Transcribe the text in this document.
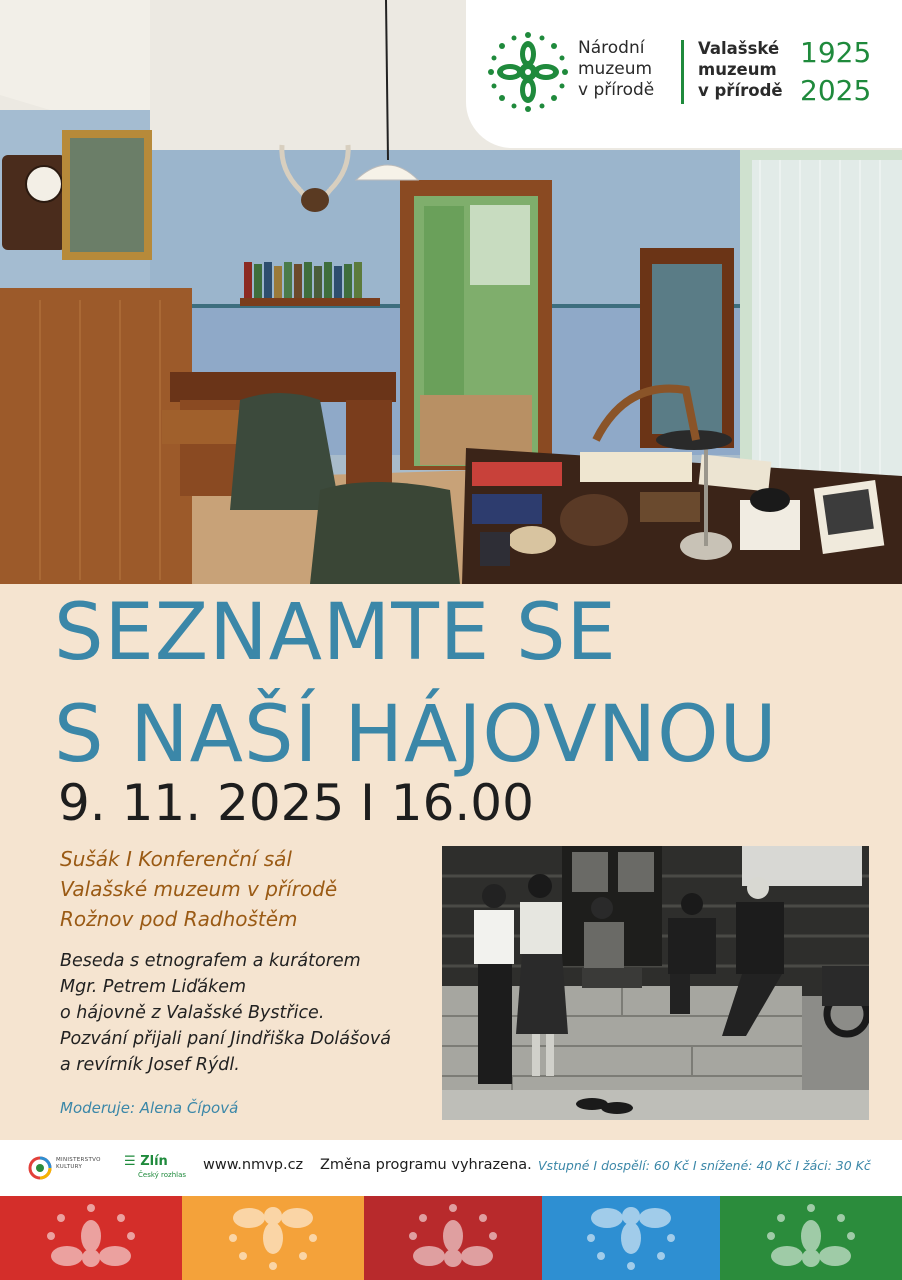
Národní
muzeum
v přírodě
Valašské
muzeum
v přírodě
1925
2025
SEZNAMTE SE
S NAŠÍ HÁJOVNOU
9. 11. 2025 I 16.00
Sušák I Konferenční sál
Valašské muzeum v přírodě
Rožnov pod Radhoštěm
Beseda s etnografem a kurátorem
Mgr. Petrem Liďákem
o hájovně z Valašské Bystřice.
Pozvání přijali paní Jindřiška Dolášová
a revírník Josef Rýdl.
Moderuje: Alena Čípová
MINISTERSTVO
KULTURY	☰ Zlín
Český rozhlas
www.nmvp.cz Změna programu vyhrazena. Vstupné I dospělí: 60 Kč I snížené: 40 Kč I žáci: 30 Kč
